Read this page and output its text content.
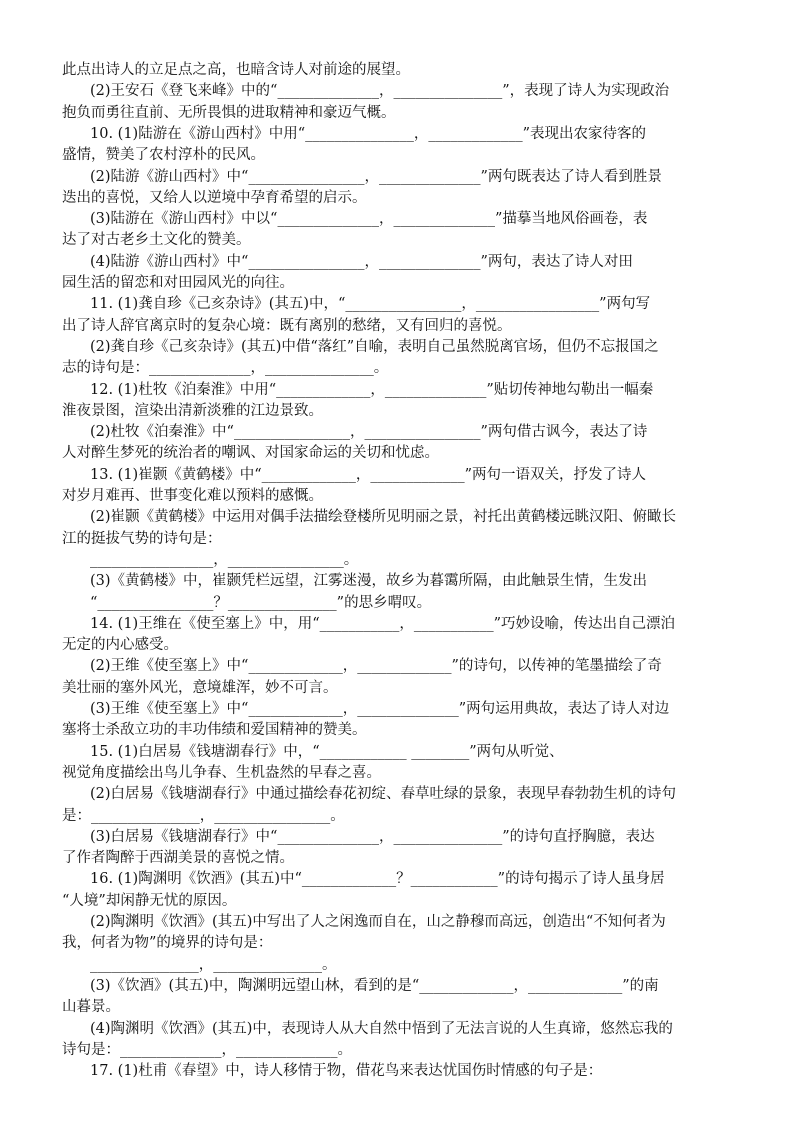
此点出诗人的立足点之高，也暗含诗人对前途的展望。
(2)王安石《登飞来峰》中的“______________，_______________”，表现了诗人为实现政治
抱负而勇往直前、无所畏惧的进取精神和豪迈气概。
10. (1)陆游在《游山西村》中用“_______________，_____________”表现出农家待客的
盛情，赞美了农村淳朴的民风。
(2)陆游《游山西村》中“________________，______________”两句既表达了诗人看到胜景
迭出的喜悦，又给人以逆境中孕育希望的启示。
(3)陆游在《游山西村》中以“______________，______________”描摹当地风俗画卷，表
达了对古老乡土文化的赞美。
(4)陆游《游山西村》中“________________，______________”两句，表达了诗人对田
园生活的留恋和对田园风光的向往。
11. (1)龚自珍《己亥杂诗》(其五)中，“________________，_________________”两句写
出了诗人辞官离京时的复杂心境：既有离别的愁绪，又有回归的喜悦。
(2)龚自珍《己亥杂诗》(其五)中借“落红”自喻，表明自己虽然脱离官场，但仍不忘报国之
志的诗句是：______________，_______________。
12. (1)杜牧《泊秦淮》中用“_____________，______________”贴切传神地勾勒出一幅秦
淮夜景图，渲染出清新淡雅的江边景致。
(2)杜牧《泊秦淮》中“________________，________________”两句借古讽今，表达了诗
人对醉生梦死的统治者的嘲讽、对国家命运的关切和忧虑。
13. (1)崔颢《黄鹤楼》中“_____________，_____________”两句一语双关，抒发了诗人
对岁月难再、世事变化难以预料的感慨。
(2)崔颢《黄鹤楼》中运用对偶手法描绘登楼所见明丽之景，衬托出黄鹤楼远眺汉阳、俯瞰长
江的挺拔气势的诗句是：
_________________，________________。
(3)《黄鹤楼》中，崔颢凭栏远望，江雾迷漫，故乡为暮霭所隔，由此触景生情，生发出
“________________？_______________”的思乡喟叹。
14. (1)王维在《使至塞上》中，用“___________，___________”巧妙设喻，传达出自己漂泊
无定的内心感受。
(2)王维《使至塞上》中“_____________，_____________”的诗句，以传神的笔墨描绘了奇
美壮丽的塞外风光，意境雄浑，妙不可言。
(3)王维《使至塞上》中“_____________，______________”两句运用典故，表达了诗人对边
塞将士杀敌立功的丰功伟绩和爱国精神的赞美。
15. (1)白居易《钱塘湖春行》中，“____________ ________”两句从听觉、
视觉角度描绘出鸟儿争春、生机盎然的早春之喜。
(2)白居易《钱塘湖春行》中通过描绘春花初绽、春草吐绿的景象，表现早春勃勃生机的诗句
是：_______________，________________。
(3)白居易《钱塘湖春行》中“______________，_______________”的诗句直抒胸臆，表达
了作者陶醉于西湖美景的喜悦之情。
16. (1)陶渊明《饮酒》(其五)中“_____________？____________”的诗句揭示了诗人虽身居
“人境”却闲静无忧的原因。
(2)陶渊明《饮酒》(其五)中写出了人之闲逸而自在，山之静穆而高远，创造出“不知何者为
我，何者为物”的境界的诗句是：
_______________，_______________。
(3)《饮酒》(其五)中，陶渊明远望山林，看到的是“_____________，_____________”的南
山暮景。
(4)陶渊明《饮酒》(其五)中，表现诗人从大自然中悟到了无法言说的人生真谛，悠然忘我的
诗句是：______________，______________。
17. (1)杜甫《春望》中，诗人移情于物，借花鸟来表达忧国伤时情感的句子是：
